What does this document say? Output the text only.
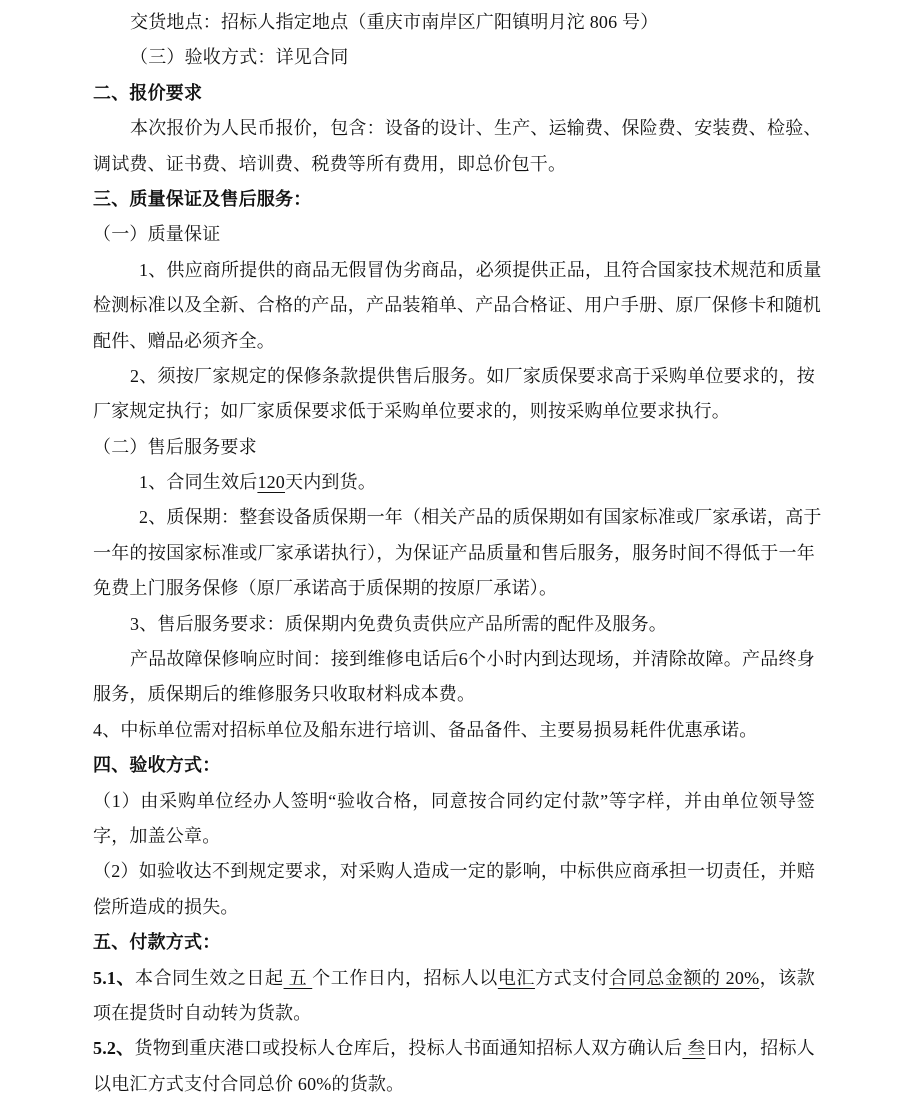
交货地点：招标人指定地点（重庆市南岸区广阳镇明月沱 806 号）
（三）验收方式：详见合同
二、报价要求
本次报价为人民币报价，包含：设备的设计、生产、运输费、保险费、安装费、检验、
调试费、证书费、培训费、税费等所有费用，即总价包干。
三、质量保证及售后服务：
（一）质量保证
1、供应商所提供的商品无假冒伪劣商品，必须提供正品，且符合国家技术规范和质量
检测标准以及全新、合格的产品，产品装箱单、产品合格证、用户手册、原厂保修卡和随机
配件、赠品必须齐全。
2、须按厂家规定的保修条款提供售后服务。如厂家质保要求高于采购单位要求的，按
厂家规定执行；如厂家质保要求低于采购单位要求的，则按采购单位要求执行。
（二）售后服务要求
1、合同生效后120天内到货。
2、质保期：整套设备质保期一年（相关产品的质保期如有国家标准或厂家承诺，高于
一年的按国家标准或厂家承诺执行），为保证产品质量和售后服务，服务时间不得低于一年
免费上门服务保修（原厂承诺高于质保期的按原厂承诺）。
3、售后服务要求：质保期内免费负责供应产品所需的配件及服务。
产品故障保修响应时间：接到维修电话后6个小时内到达现场，并清除故障。产品终身
服务，质保期后的维修服务只收取材料成本费。
4、中标单位需对招标单位及船东进行培训、备品备件、主要易损易耗件优惠承诺。
四、验收方式：
（1）由采购单位经办人签明“验收合格，同意按合同约定付款”等字样，并由单位领导签
字，加盖公章。
（2）如验收达不到规定要求，对采购人造成一定的影响，中标供应商承担一切责任，并赔
偿所造成的损失。
五、付款方式：
5.1、本合同生效之日起 五 个工作日内，招标人以电汇方式支付合同总金额的 20%，该款
项在提货时自动转为货款。
5.2、货物到重庆港口或投标人仓库后，投标人书面通知招标人双方确认后 叁日内，招标人
以电汇方式支付合同总价 60%的货款。
